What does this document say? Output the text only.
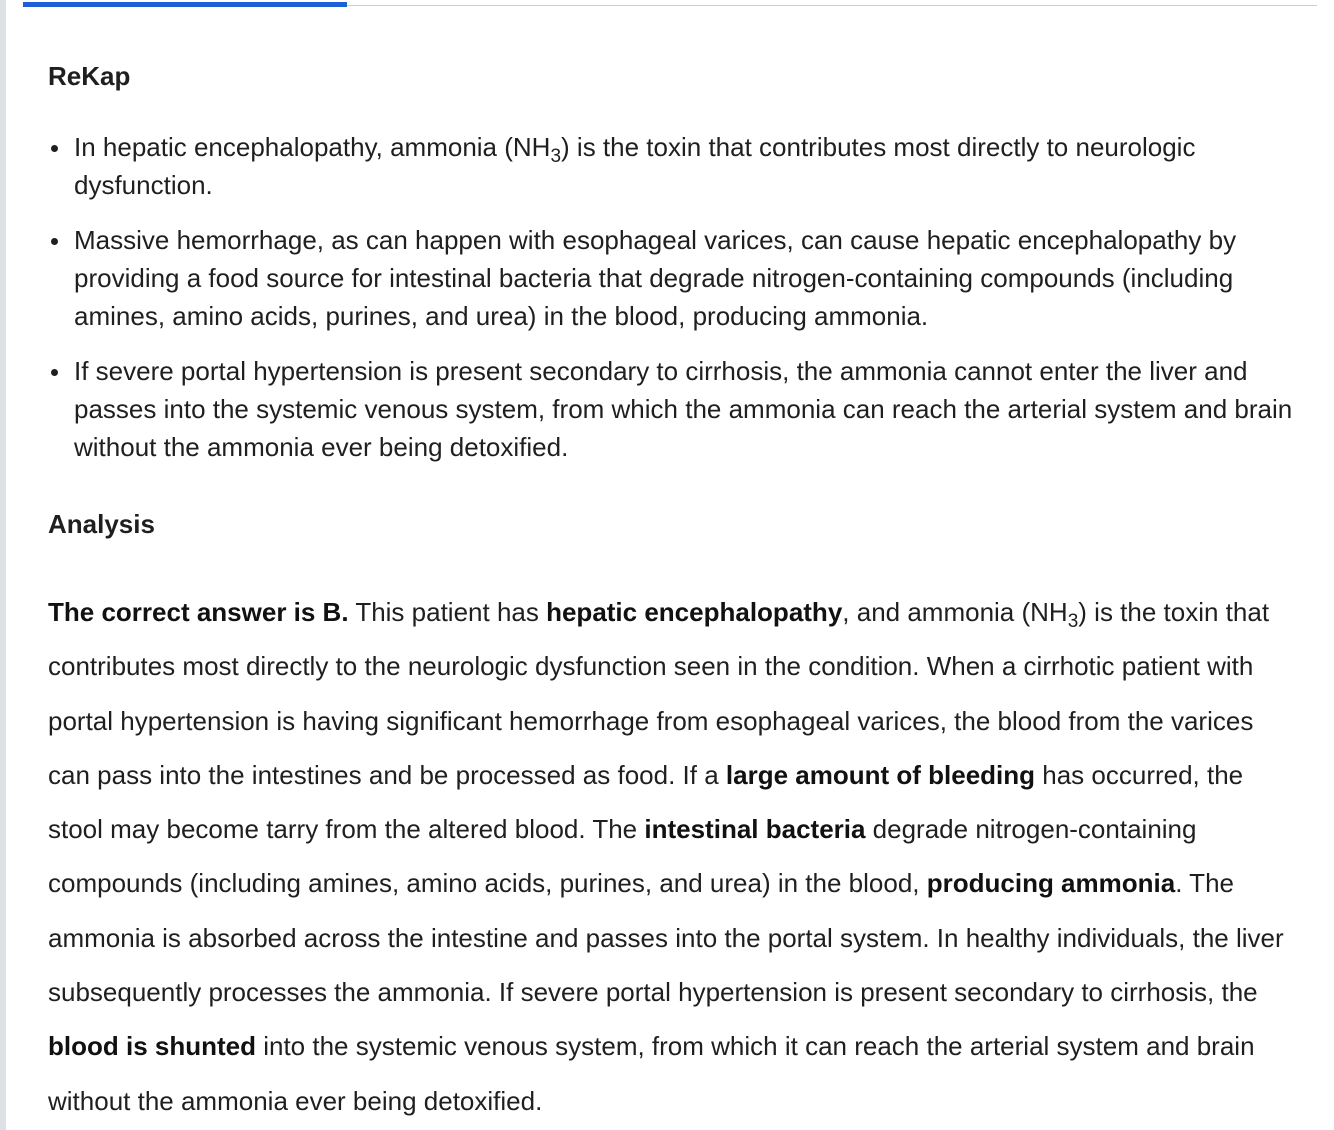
ReKap
In hepatic encephalopathy, ammonia $(NH_3)$ is the toxin that contributes most directly to neurologic dysfunction.
Massive hemorrhage, as can happen with esophageal varices, can cause hepatic encephalopathy by providing a food source for intestinal bacteria that degrade nitrogen-containing compounds (including amines, amino acids, purines, and urea) in the blood, producing ammonia.
If severe portal hypertension is present secondary to cirrhosis, the ammonia cannot enter the liver and passes into the systemic venous system, from which the ammonia can reach the arterial system and brain without the ammonia ever being detoxified.
Analysis

The correct answer is B. This patient has hepatic encephalopathy, and ammonia $(NH_3)$ is the toxin that contributes most directly to the neurologic dysfunction seen in the condition. When a cirrhotic patient with portal hypertension is having significant hemorrhage from esophageal varices, the blood from the varices can pass into the intestines and be processed as food. If a large amount of bleeding has occurred, the stool may become tarry from the altered blood. The intestinal bacteria degrade nitrogen-containing compounds (including amines, amino acids, purines, and urea) in the blood, producing ammonia. The ammonia is absorbed across the intestine and passes into the portal system. In healthy individuals, the liver subsequently processes the ammonia. If severe portal hypertension is present secondary to cirrhosis, the blood is shunted into the systemic venous system, from which it can reach the arterial system and brain without the ammonia ever being detoxified.
